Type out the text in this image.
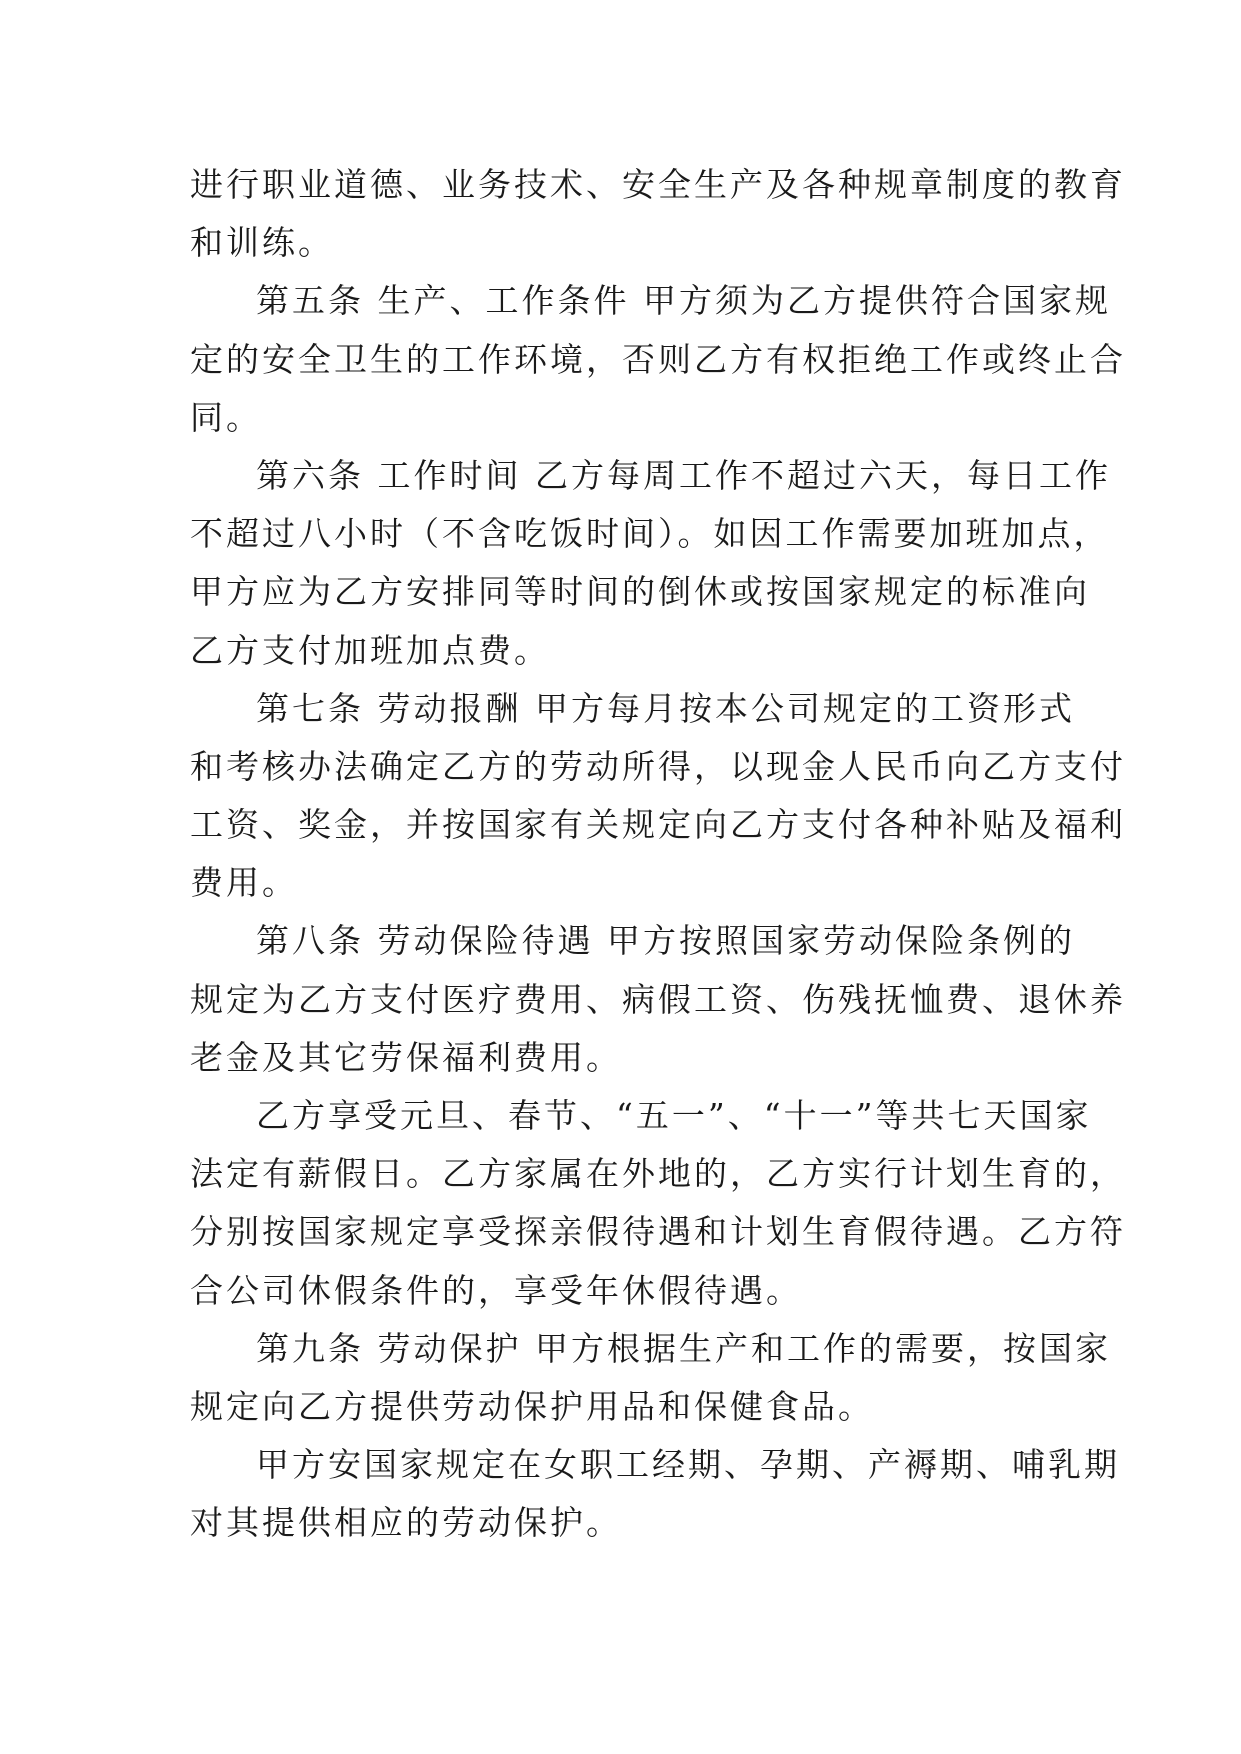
进行职业道德、业务技术、安全生产及各种规章制度的教育
和训练。
第五条 生产、工作条件 甲方须为乙方提供符合国家规
定的安全卫生的工作环境，否则乙方有权拒绝工作或终止合
同。
第六条 工作时间 乙方每周工作不超过六天，每日工作
不超过八小时（不含吃饭时间）。如因工作需要加班加点，
甲方应为乙方安排同等时间的倒休或按国家规定的标准向
乙方支付加班加点费。
第七条 劳动报酬 甲方每月按本公司规定的工资形式
和考核办法确定乙方的劳动所得，以现金人民币向乙方支付
工资、奖金，并按国家有关规定向乙方支付各种补贴及福利
费用。
第八条 劳动保险待遇 甲方按照国家劳动保险条例的
规定为乙方支付医疗费用、病假工资、伤残抚恤费、退休养
老金及其它劳保福利费用。
乙方享受元旦、春节、“五一”、“十一”等共七天国家
法定有薪假日。乙方家属在外地的，乙方实行计划生育的，
分别按国家规定享受探亲假待遇和计划生育假待遇。乙方符
合公司休假条件的，享受年休假待遇。
第九条 劳动保护 甲方根据生产和工作的需要，按国家
规定向乙方提供劳动保护用品和保健食品。
甲方安国家规定在女职工经期、孕期、产褥期、哺乳期
对其提供相应的劳动保护。
